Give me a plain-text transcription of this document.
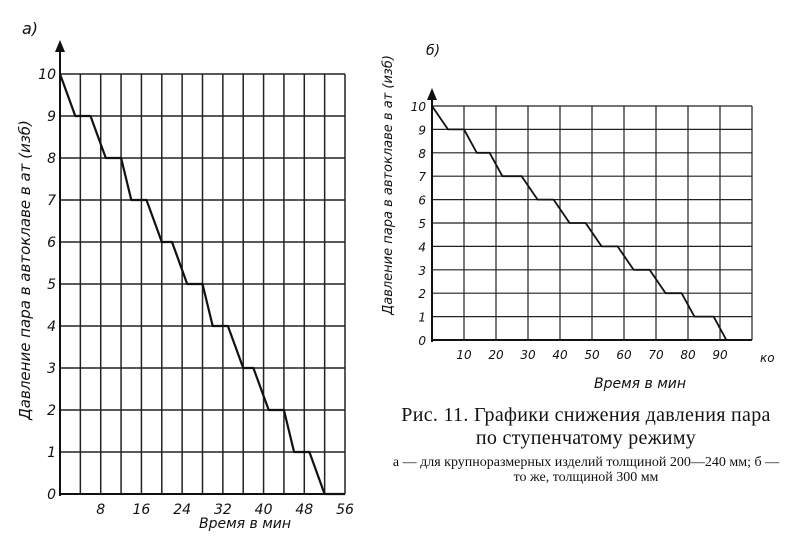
а)
0
1
2
3
4
5
6
7
8
9
10
8 16 24 32 40 48 56
Время в мин
Давление пара в автоклаве в ат (изб)
б)
0
1
2
3
4
5
6
7
8
9
10
10 20 30 40 50 60 70 80 90	ко
Время в мин
Давление пара в автоклаве в ат (изб)
Рис. 11. Графики снижения давления пара по ступенчатому режиму
а — для крупноразмерных изделий толщиной 200—240 мм; б — то же, толщиной 300 мм
